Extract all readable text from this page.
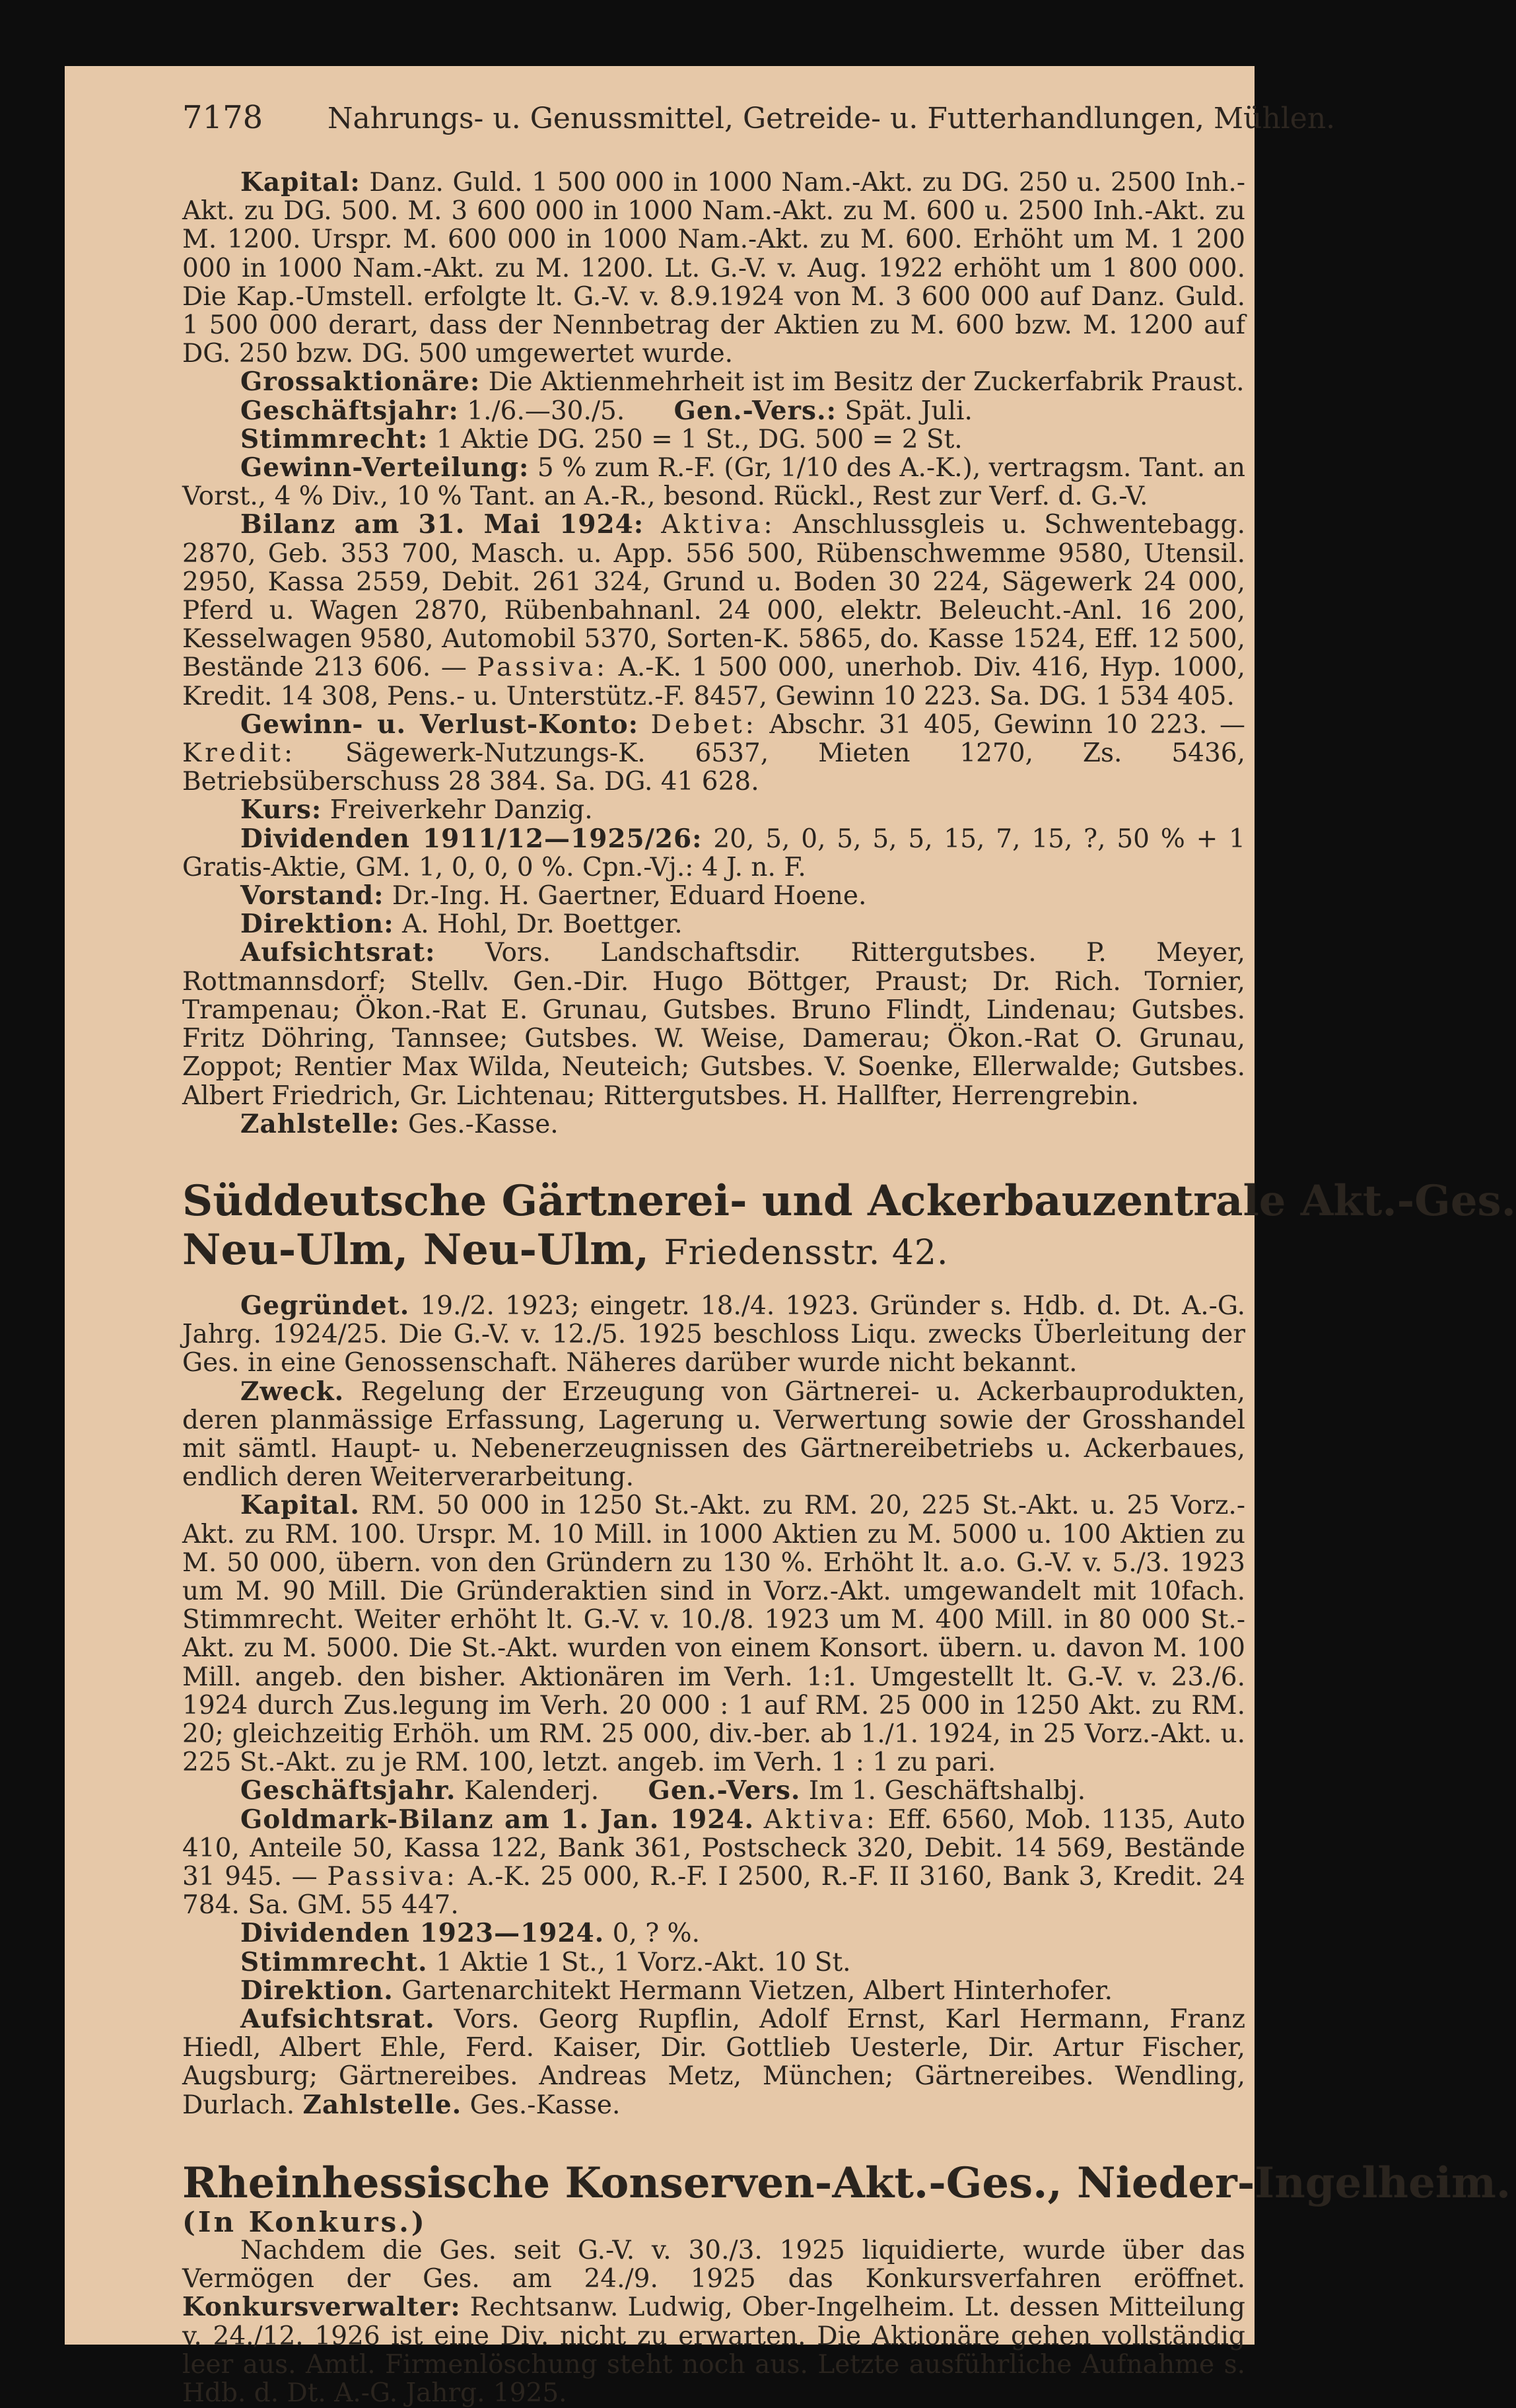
7178 Nahrungs- u. Genussmittel, Getreide- u. Futterhandlungen, Mühlen.

Kapital: Danz. Guld. 1 500 000 in 1000 Nam.-Akt. zu DG. 250 u. 2500 Inh.-Akt. zu DG. 500. M. 3 600 000 in 1000 Nam.-Akt. zu M. 600 u. 2500 Inh.-Akt. zu M. 1200. Urspr. M. 600 000 in 1000 Nam.-Akt. zu M. 600. Erhöht um M. 1 200 000 in 1000 Nam.-Akt. zu M. 1200. Lt. G.-V. v. Aug. 1922 erhöht um 1 800 000. Die Kap.-Umstell. erfolgte lt. G.-V. v. 8.9.1924 von M. 3 600 000 auf Danz. Guld. 1 500 000 derart, dass der Nennbetrag der Aktien zu M. 600 bzw. M. 1200 auf DG. 250 bzw. DG. 500 umgewertet wurde.

Grossaktionäre: Die Aktienmehrheit ist im Besitz der Zuckerfabrik Praust.

Geschäftsjahr: 1./6.—30./5. Gen.-Vers.: Spät. Juli.

Stimmrecht: 1 Aktie DG. 250 = 1 St., DG. 500 = 2 St.

Gewinn-Verteilung: 5 % zum R.-F. (Gr, 1/10 des A.-K.), vertragsm. Tant. an Vorst., 4 % Div., 10 % Tant. an A.-R., besond. Rückl., Rest zur Verf. d. G.-V.

Bilanz am 31. Mai 1924: Aktiva: Anschlussgleis u. Schwentebagg. 2870, Geb. 353 700, Masch. u. App. 556 500, Rübenschwemme 9580, Utensil. 2950, Kassa 2559, Debit. 261 324, Grund u. Boden 30 224, Sägewerk 24 000, Pferd u. Wagen 2870, Rübenbahnanl. 24 000, elektr. Beleucht.-Anl. 16 200, Kesselwagen 9580, Automobil 5370, Sorten-K. 5865, do. Kasse 1524, Eff. 12 500, Bestände 213 606. — Passiva: A.-K. 1 500 000, unerhob. Div. 416, Hyp. 1000, Kredit. 14 308, Pens.- u. Unterstütz.-F. 8457, Gewinn 10 223. Sa. DG. 1 534 405.

Gewinn- u. Verlust-Konto: Debet: Abschr. 31 405, Gewinn 10 223. — Kredit: Sägewerk-Nutzungs-K. 6537, Mieten 1270, Zs. 5436, Betriebsüberschuss 28 384. Sa. DG. 41 628.

Kurs: Freiverkehr Danzig.

Dividenden 1911/12—1925/26: 20, 5, 0, 5, 5, 5, 15, 7, 15, ?, 50 % + 1 Gratis-Aktie, GM. 1, 0, 0, 0 %. Cpn.-Vj.: 4 J. n. F.

Vorstand: Dr.-Ing. H. Gaertner, Eduard Hoene.

Direktion: A. Hohl, Dr. Boettger.

Aufsichtsrat: Vors. Landschaftsdir. Rittergutsbes. P. Meyer, Rottmannsdorf; Stellv. Gen.-Dir. Hugo Böttger, Praust; Dr. Rich. Tornier, Trampenau; Ökon.-Rat E. Grunau, Gutsbes. Bruno Flindt, Lindenau; Gutsbes. Fritz Döhring, Tannsee; Gutsbes. W. Weise, Damerau; Ökon.-Rat O. Grunau, Zoppot; Rentier Max Wilda, Neuteich; Gutsbes. V. Soenke, Ellerwalde; Gutsbes. Albert Friedrich, Gr. Lichtenau; Rittergutsbes. H. Hallfter, Herrengrebin.

Zahlstelle: Ges.-Kasse.

Süddeutsche Gärtnerei- und Ackerbauzentrale Akt.-Ges.

Neu-Ulm, Neu-Ulm, Friedensstr. 42.

Gegründet. 19./2. 1923; eingetr. 18./4. 1923. Gründer s. Hdb. d. Dt. A.-G. Jahrg. 1924/25. Die G.-V. v. 12./5. 1925 beschloss Liqu. zwecks Überleitung der Ges. in eine Genossenschaft. Näheres darüber wurde nicht bekannt.

Zweck. Regelung der Erzeugung von Gärtnerei- u. Ackerbauprodukten, deren planmässige Erfassung, Lagerung u. Verwertung sowie der Grosshandel mit sämtl. Haupt- u. Nebenerzeugnissen des Gärtnereibetriebs u. Ackerbaues, endlich deren Weiterverarbeitung.

Kapital. RM. 50 000 in 1250 St.-Akt. zu RM. 20, 225 St.-Akt. u. 25 Vorz.-Akt. zu RM. 100. Urspr. M. 10 Mill. in 1000 Aktien zu M. 5000 u. 100 Aktien zu M. 50 000, übern. von den Gründern zu 130 %. Erhöht lt. a.o. G.-V. v. 5./3. 1923 um M. 90 Mill. Die Gründeraktien sind in Vorz.-Akt. umgewandelt mit 10fach. Stimmrecht. Weiter erhöht lt. G.-V. v. 10./8. 1923 um M. 400 Mill. in 80 000 St.-Akt. zu M. 5000. Die St.-Akt. wurden von einem Konsort. übern. u. davon M. 100 Mill. angeb. den bisher. Aktionären im Verh. 1:1. Umgestellt lt. G.-V. v. 23./6. 1924 durch Zus.legung im Verh. 20 000 : 1 auf RM. 25 000 in 1250 Akt. zu RM. 20; gleichzeitig Erhöh. um RM. 25 000, div.-ber. ab 1./1. 1924, in 25 Vorz.-Akt. u. 225 St.-Akt. zu je RM. 100, letzt. angeb. im Verh. 1 : 1 zu pari.

Geschäftsjahr. Kalenderj. Gen.-Vers. Im 1. Geschäftshalbj.

Goldmark-Bilanz am 1. Jan. 1924. Aktiva: Eff. 6560, Mob. 1135, Auto 410, Anteile 50, Kassa 122, Bank 361, Postscheck 320, Debit. 14 569, Bestände 31 945. — Passiva: A.-K. 25 000, R.-F. I 2500, R.-F. II 3160, Bank 3, Kredit. 24 784. Sa. GM. 55 447.

Dividenden 1923—1924. 0, ? %.

Stimmrecht. 1 Aktie 1 St., 1 Vorz.-Akt. 10 St.

Direktion. Gartenarchitekt Hermann Vietzen, Albert Hinterhofer.

Aufsichtsrat. Vors. Georg Rupflin, Adolf Ernst, Karl Hermann, Franz Hiedl, Albert Ehle, Ferd. Kaiser, Dir. Gottlieb Uesterle, Dir. Artur Fischer, Augsburg; Gärtnereibes. Andreas Metz, München; Gärtnereibes. Wendling, Durlach. Zahlstelle. Ges.-Kasse.

Rheinhessische Konserven-Akt.-Ges., Nieder-Ingelheim.

(In Konkurs.)

Nachdem die Ges. seit G.-V. v. 30./3. 1925 liquidierte, wurde über das Vermögen der Ges. am 24./9. 1925 das Konkursverfahren eröffnet. Konkursverwalter: Rechtsanw. Ludwig, Ober-Ingelheim. Lt. dessen Mitteilung v. 24./12. 1926 ist eine Div. nicht zu erwarten. Die Aktionäre gehen vollständig leer aus. Amtl. Firmenlöschung steht noch aus. Letzte ausführliche Aufnahme s. Hdb. d. Dt. A.-G. Jahrg. 1925.
